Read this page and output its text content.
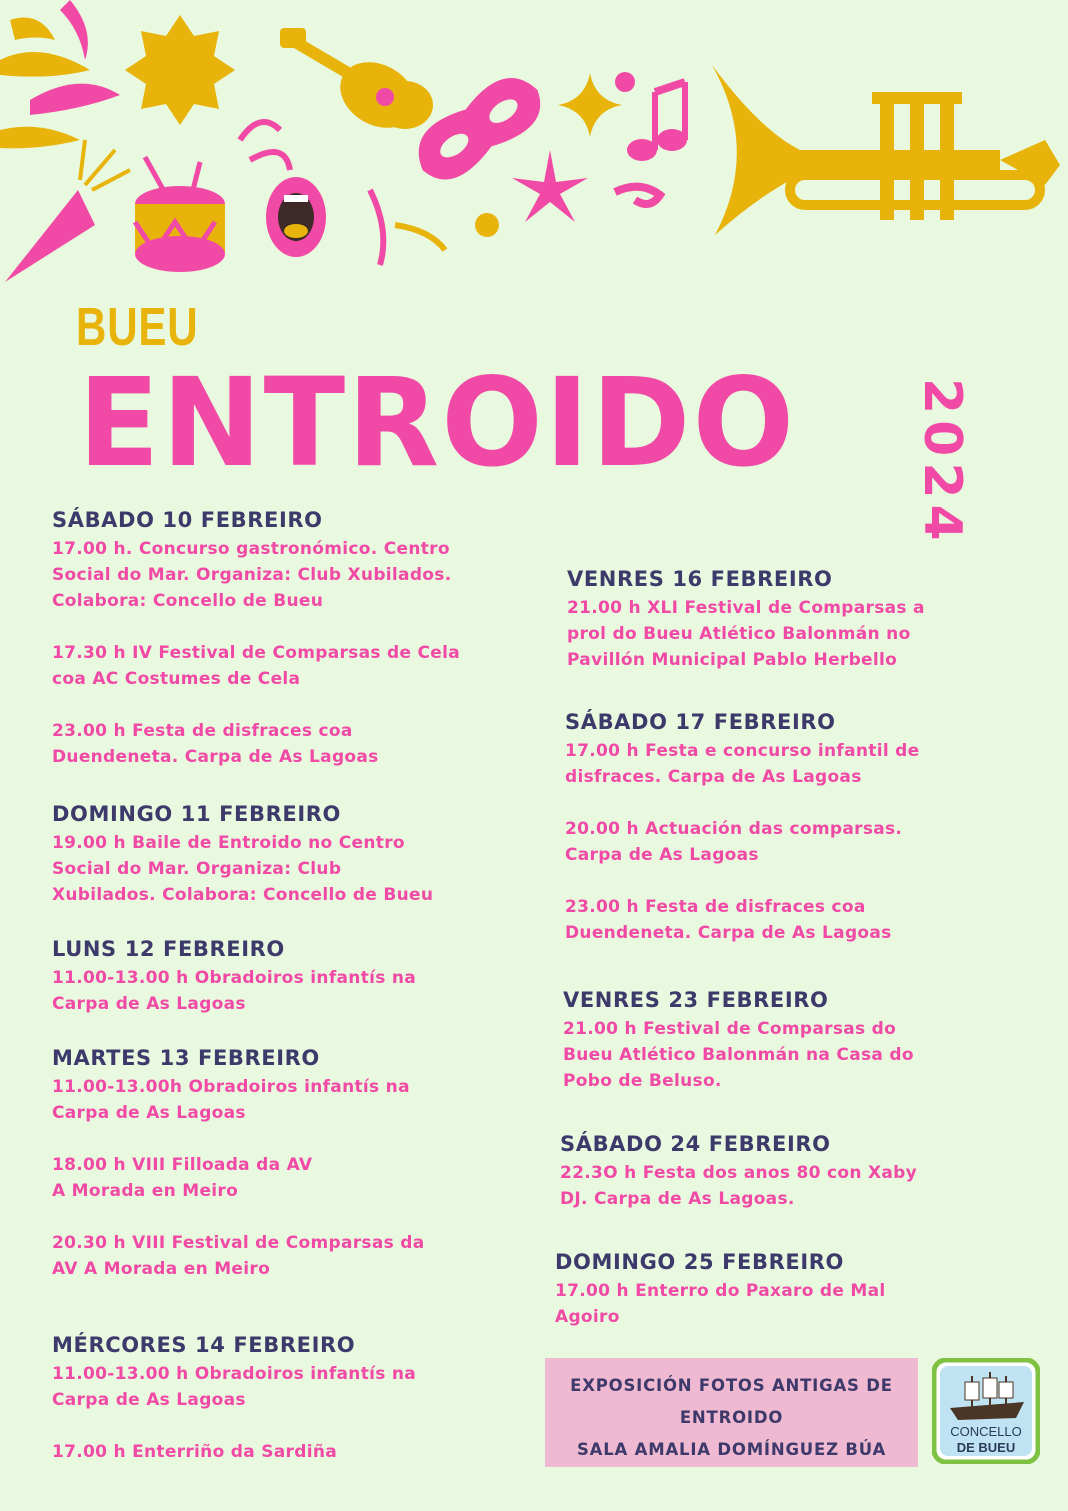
BUEU
ENTROIDO 2024
SÁBADO 10 FEBREIRO
17.00 h. Concurso gastronómico. Centro
Social do Mar. Organiza: Club Xubilados.
Colabora: Concello de Bueu
17.30 h IV Festival de Comparsas de Cela
coa AC Costumes de Cela
23.00 h Festa de disfraces coa
Duendeneta. Carpa de As Lagoas
DOMINGO 11 FEBREIRO
19.00 h Baile de Entroido no Centro
Social do Mar. Organiza: Club
Xubilados. Colabora: Concello de Bueu
LUNS 12 FEBREIRO
11.00-13.00 h Obradoiros infantís na
Carpa de As Lagoas
MARTES 13 FEBREIRO
11.00-13.00h Obradoiros infantís na
Carpa de As Lagoas
18.00 h VIII Filloada da AV
A Morada en Meiro
20.30 h VIII Festival de Comparsas da
AV A Morada en Meiro
MÉRCORES 14 FEBREIRO
11.00-13.00 h Obradoiros infantís na
Carpa de As Lagoas
17.00 h Enterriño da Sardiña
VENRES 16 FEBREIRO
21.00 h XLI Festival de Comparsas a
prol do Bueu Atlético Balonmán no
Pavillón Municipal Pablo Herbello
SÁBADO 17 FEBREIRO
17.00 h Festa e concurso infantil de
disfraces. Carpa de As Lagoas
20.00 h Actuación das comparsas.
Carpa de As Lagoas
23.00 h Festa de disfraces coa
Duendeneta. Carpa de As Lagoas
VENRES 23 FEBREIRO
21.00 h Festival de Comparsas do
Bueu Atlético Balonmán na Casa do
Pobo de Beluso.
SÁBADO 24 FEBREIRO
22.3O h Festa dos anos 80 con Xaby
DJ. Carpa de As Lagoas.
DOMINGO 25 FEBREIRO
17.00 h Enterro do Paxaro de Mal
Agoiro
EXPOSICIÓN FOTOS ANTIGAS DE
ENTROIDO
SALA AMALIA DOMÍNGUEZ BÚA
CONCELLO
DE BUEU
